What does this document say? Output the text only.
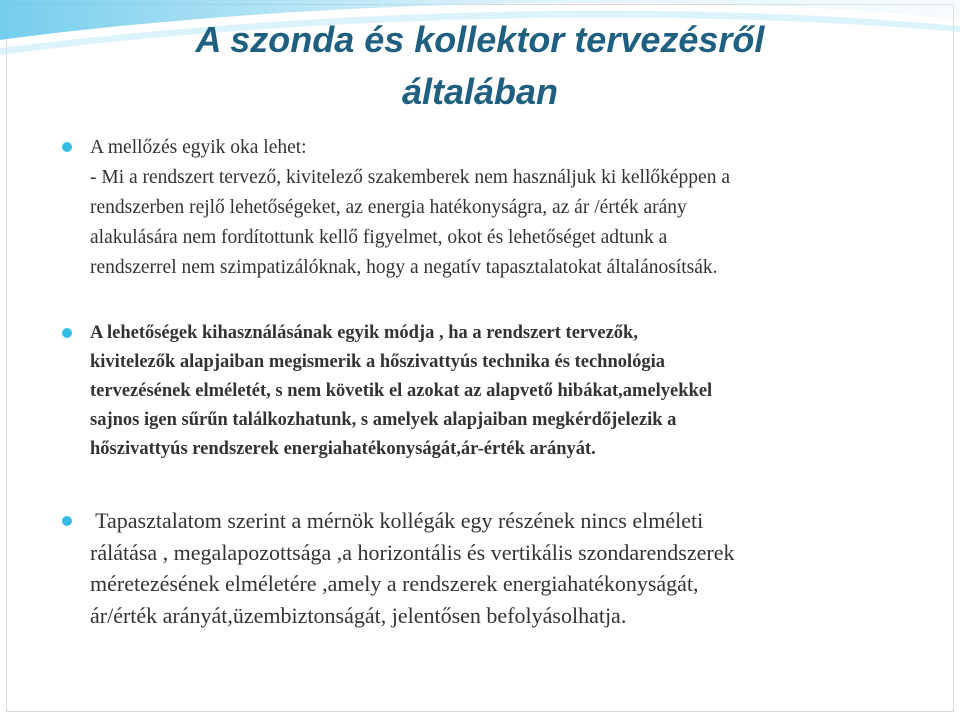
A szonda és kollektor tervezésről
általában
A mellőzés egyik oka lehet:
- Mi a rendszert tervező, kivitelező szakemberek nem használjuk ki kellőképpen a
rendszerben rejlő lehetőségeket, az energia hatékonyságra, az ár /érték arány
alakulására nem fordítottunk kellő figyelmet, okot és lehetőséget adtunk a
rendszerrel nem szimpatizálóknak, hogy a negatív tapasztalatokat általánosítsák.
A lehetőségek kihasználásának egyik módja , ha a rendszert tervezők,
kivitelezők alapjaiban megismerik a hőszivattyús technika és technológia
tervezésének elméletét, s nem követik el azokat az alapvető hibákat,amelyekkel
sajnos igen sűrűn találkozhatunk, s amelyek alapjaiban megkérdőjelezik a
hőszivattyús rendszerek energiahatékonyságát,ár-érték arányát.
Tapasztalatom szerint a mérnök kollégák egy részének nincs elméleti
rálátása , megalapozottsága ,a horizontális és vertikális szondarendszerek
méretezésének elméletére ,amely a rendszerek energiahatékonyságát,
ár/érték arányát,üzembiztonságát, jelentősen befolyásolhatja.
